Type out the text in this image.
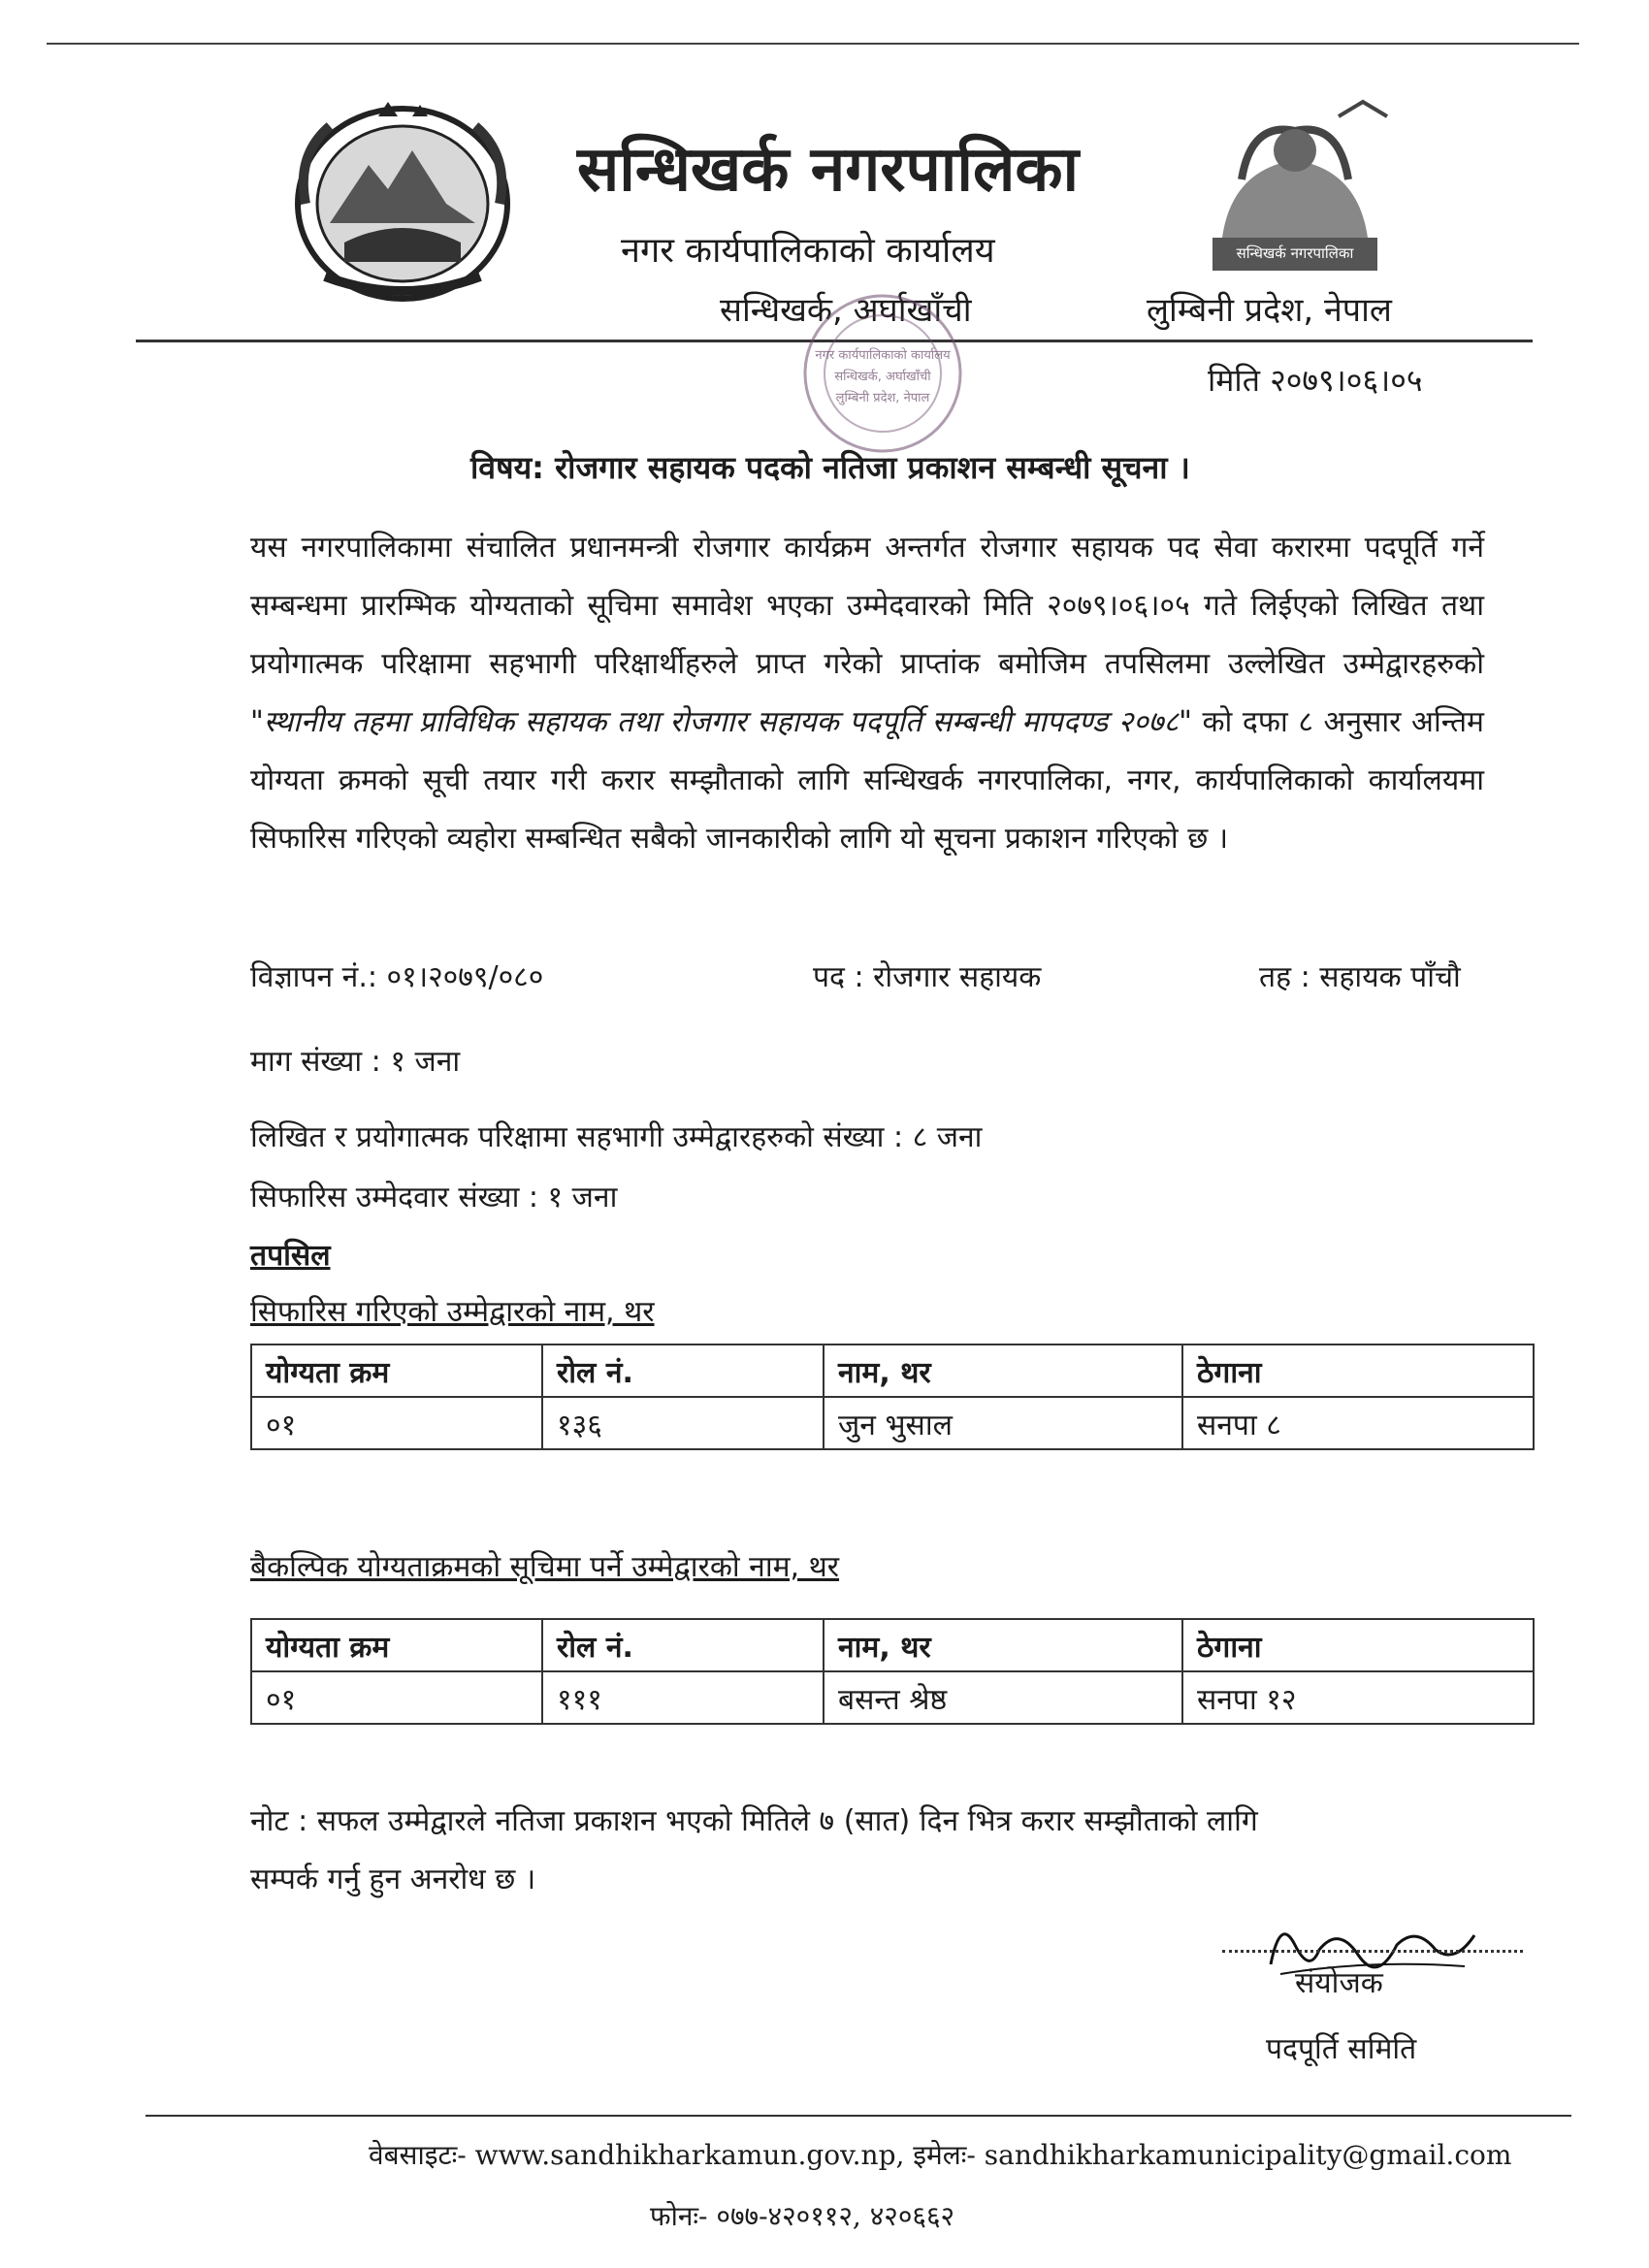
सन्धिखर्क नगरपालिका
सन्धिखर्क नगरपालिका
नगर कार्यपालिकाको कार्यालय
सन्धिखर्क, अर्घाखाँची	लुम्बिनी प्रदेश, नेपाल
नगर कार्यपालिकाको कार्यालय
सन्धिखर्क, अर्घाखाँची
लुम्बिनी प्रदेश, नेपाल	मिति २०७९।०६।०५
विषय: रोजगार सहायक पदको नतिजा प्रकाशन सम्बन्धी सूचना ।
यस नगरपालिकामा संचालित प्रधानमन्त्री रोजगार कार्यक्रम अन्तर्गत रोजगार सहायक पद सेवा करारमा पदपूर्ति गर्ने सम्बन्धमा प्रारम्भिक योग्यताको सूचिमा समावेश भएका उम्मेदवारको मिति २०७९।०६।०५ गते लिईएको लिखित तथा प्रयोगात्मक परिक्षामा सहभागी परिक्षार्थीहरुले प्राप्त गरेको प्राप्तांक बमोजिम तपसिलमा उल्लेखित उम्मेद्वारहरुको "स्थानीय तहमा प्राविधिक सहायक तथा रोजगार सहायक पदपूर्ति सम्बन्धी मापदण्ड २०७८" को दफा ८ अनुसार अन्तिम योग्यता क्रमको सूची तयार गरी करार सम्झौताको लागि सन्धिखर्क नगरपालिका, नगर, कार्यपालिकाको कार्यालयमा सिफारिस गरिएको व्यहोरा सम्बन्धित सबैको जानकारीको लागि यो सूचना प्रकाशन गरिएको छ ।
विज्ञापन नं.: ०१।२०७९/०८०	पद : रोजगार सहायक	तह : सहायक पाँचौ
माग संख्या : १ जना
लिखित र प्रयोगात्मक परिक्षामा सहभागी उम्मेद्वारहरुको संख्या : ८ जना
सिफारिस उम्मेदवार संख्या : १ जना
तपसिल
सिफारिस गरिएको उम्मेद्वारको नाम, थर
योग्यता क्रम	रोल नं.	नाम, थर	ठेगाना
०१	१३६	जुन भुसाल	सनपा ८
बैकल्पिक योग्यताक्रमको सूचिमा पर्ने उम्मेद्वारको नाम, थर
योग्यता क्रम	रोल नं.	नाम, थर	ठेगाना
०१	१११	बसन्त श्रेष्ठ	सनपा १२
नोट : सफल उम्मेद्वारले नतिजा प्रकाशन भएको मितिले ७ (सात) दिन भित्र करार सम्झौताको लागि
सम्पर्क गर्नु हुन अनरोध छ ।
संयोजक
पदपूर्ति समिति
वेबसाइटः- www.sandhikharkamun.gov.np, इमेलः- sandhikharkamunicipality@gmail.com
फोनः- ०७७-४२०११२, ४२०६६२
